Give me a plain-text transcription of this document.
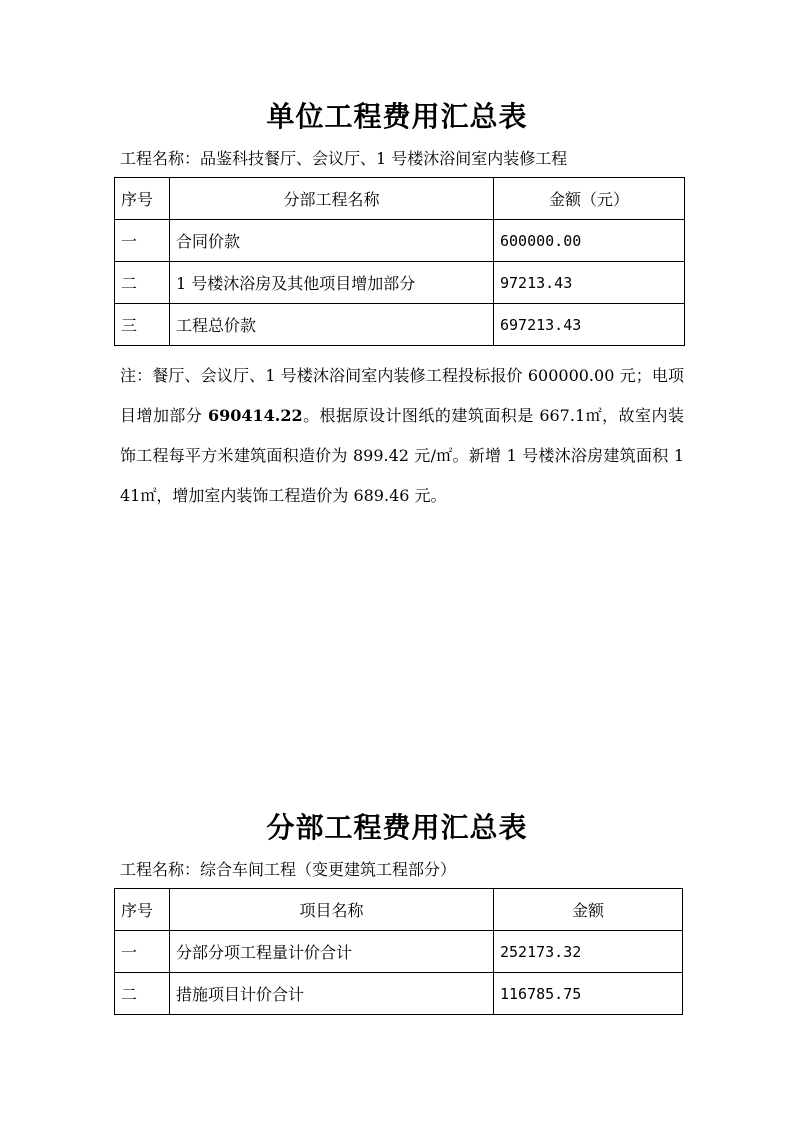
单位工程费用汇总表
工程名称：品鉴科技餐厅、会议厅、1 号楼沐浴间室内装修工程
序号	分部工程名称	金额（元）
一	合同价款	600000.00
二	1 号楼沐浴房及其他项目增加部分	97213.43
三	工程总价款	697213.43

注：餐厅、会议厅、1 号楼沐浴间室内装修工程投标报价 600000.00 元；电项目增加部分 690414.22。根据原设计图纸的建筑面积是 667.1㎡，故室内装饰工程每平方米建筑面积造价为 899.42 元/㎡。新增 1 号楼沐浴房建筑面积 141㎡，增加室内装饰工程造价为 689.46 元。

分部工程费用汇总表
工程名称：综合车间工程（变更建筑工程部分）
序号	项目名称	金额
一	分部分项工程量计价合计	252173.32
二	措施项目计价合计	116785.75
